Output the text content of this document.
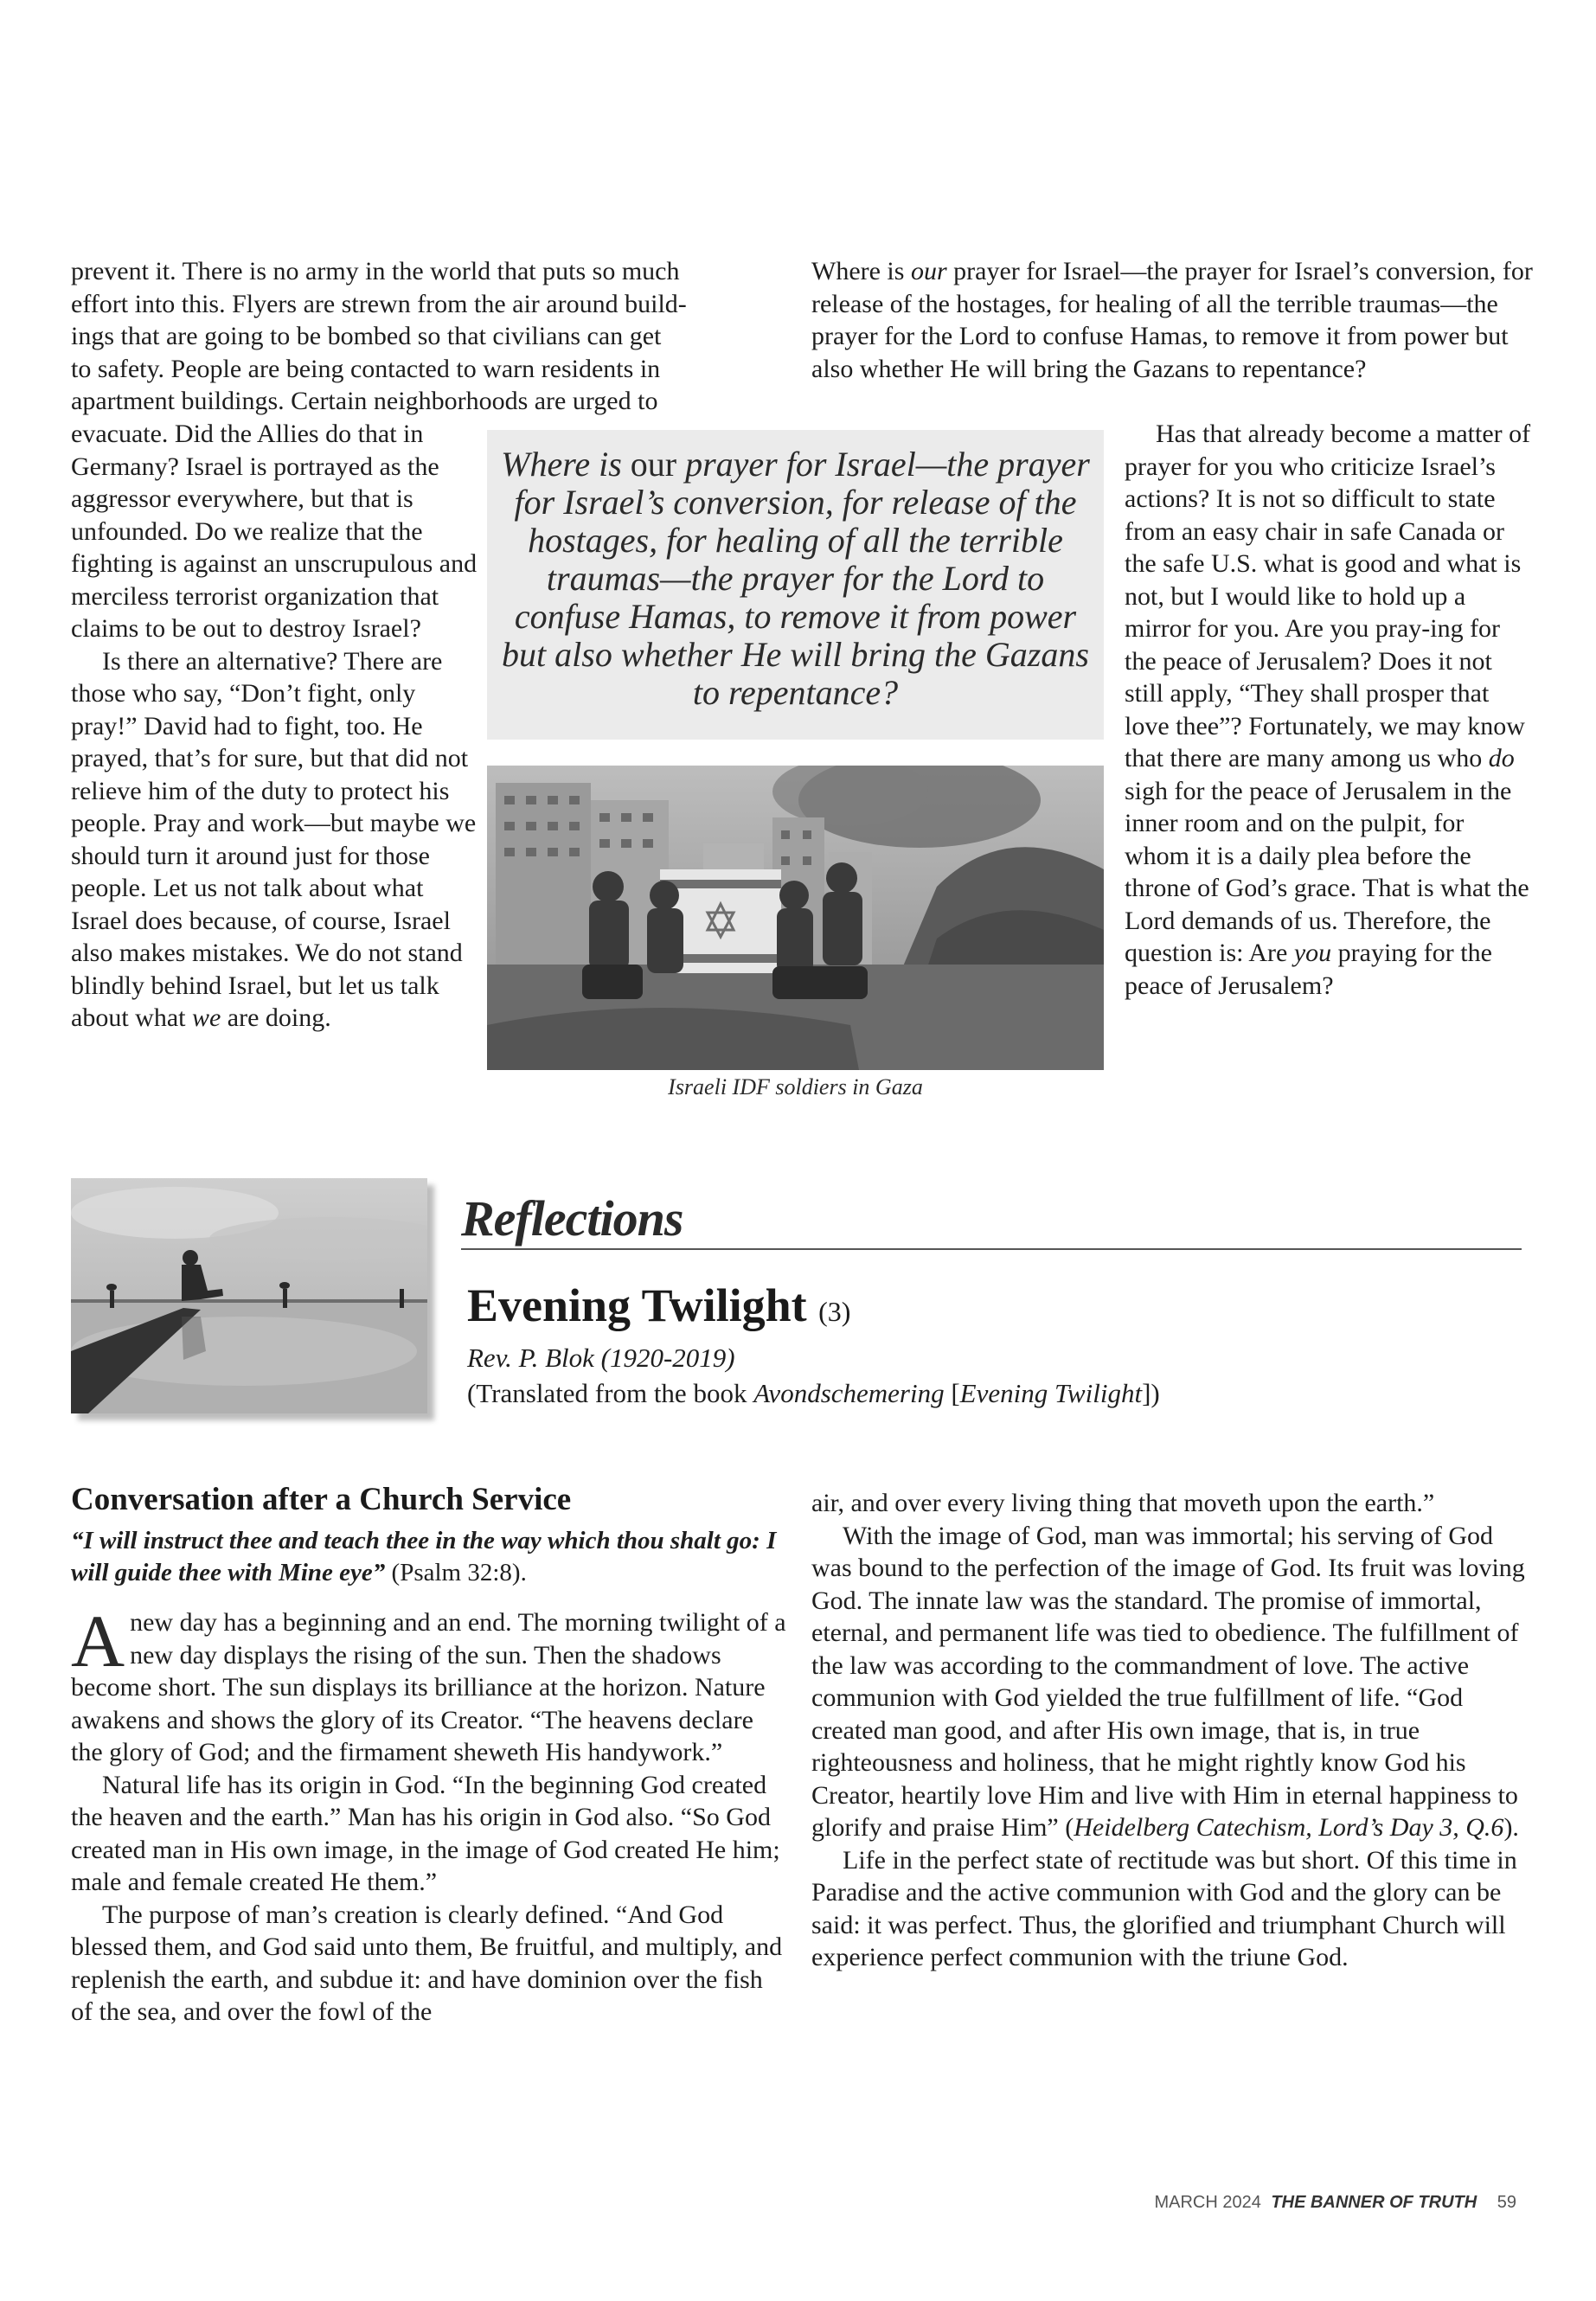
prevent it. There is no army in the world that puts so much
effort into this. Flyers are strewn from the air around build-
ings that are going to be bombed so that civilians can get
to safety. People are being contacted to warn residents in
apartment buildings. Certain neighborhoods are urged to

evacuate. Did the Allies do that in Germany? Israel is portrayed as the aggressor everywhere, but that is unfounded. Do we realize that the fighting is against an unscrupulous and merciless terrorist organization that claims to be out to destroy Israel?

Is there an alternative? There are those who say, “Don’t fight, only pray!” David had to fight, too. He prayed, that’s for sure, but that did not relieve him of the duty to protect his people. Pray and work—but maybe we should turn it around just for those people. Let us not talk about what Israel does because, of course, Israel also makes mistakes. We do not stand blindly behind Israel, but let us talk about what we are doing.

Where is our prayer for Israel—the prayer for Israel’s conversion, for release of the hostages, for healing of all the terrible traumas—the prayer for the Lord to confuse Hamas, to remove it from power but also whether He will bring the Gazans to repentance?

Has that already become a matter of prayer for you who criticize Israel’s actions? It is not so difficult to state from an easy chair in safe Canada or the safe U.S. what is good and what is not, but I would like to hold up a mirror for you. Are you pray-ing for the peace of Jerusalem? Does it not still apply, “They shall prosper that love thee”? Fortunately, we may know that there are many among us who do sigh for the peace of Jerusalem in the inner room and on the pulpit, for whom it is a daily plea before the throne of God’s grace. That is what the Lord demands of us. Therefore, the question is: Are you praying for the peace of Jerusalem?

Where is our prayer for Israel—the prayer for Israel’s conversion, for release of the hostages, for healing of all the terrible traumas—the prayer for the Lord to confuse Hamas, to remove it from power but also whether He will bring the Gazans to repentance?
Israeli IDF soldiers in Gaza
Reflections
Evening Twilight (3)
Rev. P. Blok (1920-2019)
(Translated from the book Avondschemering [Evening Twilight])
Conversation after a Church Service
“I will instruct thee and teach thee in the way which thou shalt go: I will guide thee with Mine eye” (Psalm 32:8).

Anew day has a beginning and an end. The morning twilight of a new day displays the rising of the sun. Then the shadows become short. The sun displays its brilliance at the horizon. Nature awakens and shows the glory of its Creator. “The heavens declare the glory of God; and the firmament sheweth His handywork.”

Natural life has its origin in God. “In the beginning God created the heaven and the earth.” Man has his origin in God also. “So God created man in His own image, in the image of God created He him; male and female created He them.”

The purpose of man’s creation is clearly defined. “And God blessed them, and God said unto them, Be fruitful, and multiply, and replenish the earth, and subdue it: and have dominion over the fish of the sea, and over the fowl of the

air, and over every living thing that moveth upon the earth.”

With the image of God, man was immortal; his serving of God was bound to the perfection of the image of God. Its fruit was loving God. The innate law was the standard. The promise of immortal, eternal, and permanent life was tied to obedience. The fulfillment of the law was according to the commandment of love. The active communion with God yielded the true fulfillment of life. “God created man good, and after His own image, that is, in true righteousness and holiness, that he might rightly know God his Creator, heartily love Him and live with Him in eternal happiness to glorify and praise Him” (Heidelberg Catechism, Lord’s Day 3, Q.6).

Life in the perfect state of rectitude was but short. Of this time in Paradise and the active communion with God and the glory can be said: it was perfect. Thus, the glorified and triumphant Church will experience perfect communion with the triune God.

MARCH 2024 THE BANNER OF TRUTH 59
